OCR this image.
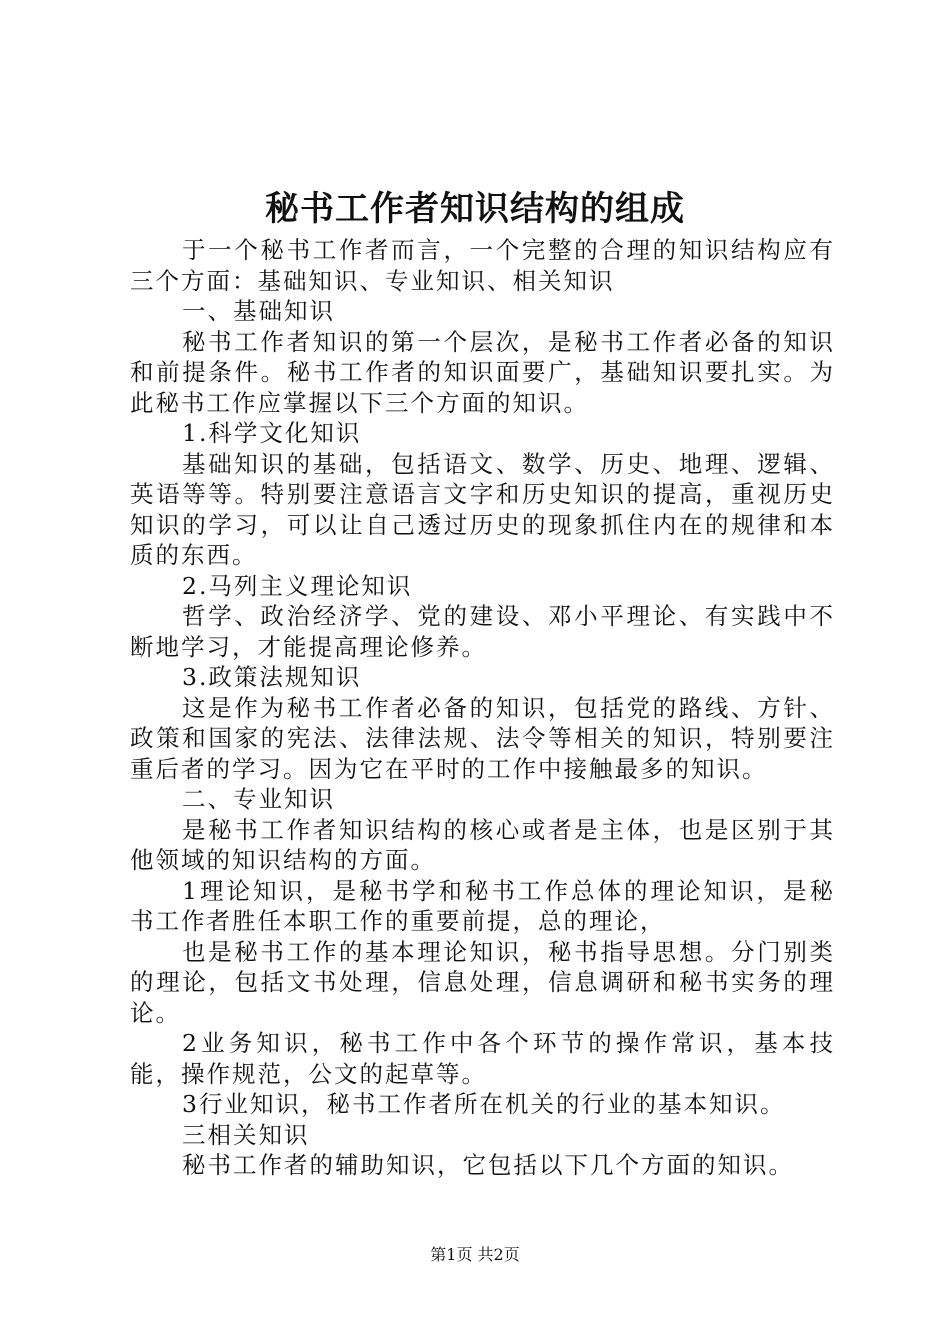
秘书工作者知识结构的组成

于一个秘书工作者而言，一个完整的合理的知识结构应有三个方面：基础知识、专业知识、相关知识

一、基础知识

秘书工作者知识的第一个层次，是秘书工作者必备的知识和前提条件。秘书工作者的知识面要广，基础知识要扎实。为此秘书工作应掌握以下三个方面的知识。

1.科学文化知识

基础知识的基础，包括语文、数学、历史、地理、逻辑、英语等等。特别要注意语言文字和历史知识的提高，重视历史知识的学习，可以让自己透过历史的现象抓住内在的规律和本质的东西。

2.马列主义理论知识

哲学、政治经济学、党的建设、邓小平理论、有实践中不断地学习，才能提高理论修养。

3.政策法规知识

这是作为秘书工作者必备的知识，包括党的路线、方针、政策和国家的宪法、法律法规、法令等相关的知识，特别要注重后者的学习。因为它在平时的工作中接触最多的知识。

二、专业知识

是秘书工作者知识结构的核心或者是主体，也是区别于其他领域的知识结构的方面。

1理论知识，是秘书学和秘书工作总体的理论知识，是秘书工作者胜任本职工作的重要前提，总的理论，

也是秘书工作的基本理论知识，秘书指导思想。分门别类的理论，包括文书处理，信息处理，信息调研和秘书实务的理论。

2业务知识，秘书工作中各个环节的操作常识，基本技能，操作规范，公文的起草等。

3行业知识，秘书工作者所在机关的行业的基本知识。

三相关知识

秘书工作者的辅助知识，它包括以下几个方面的知识。

第1页 共2页
